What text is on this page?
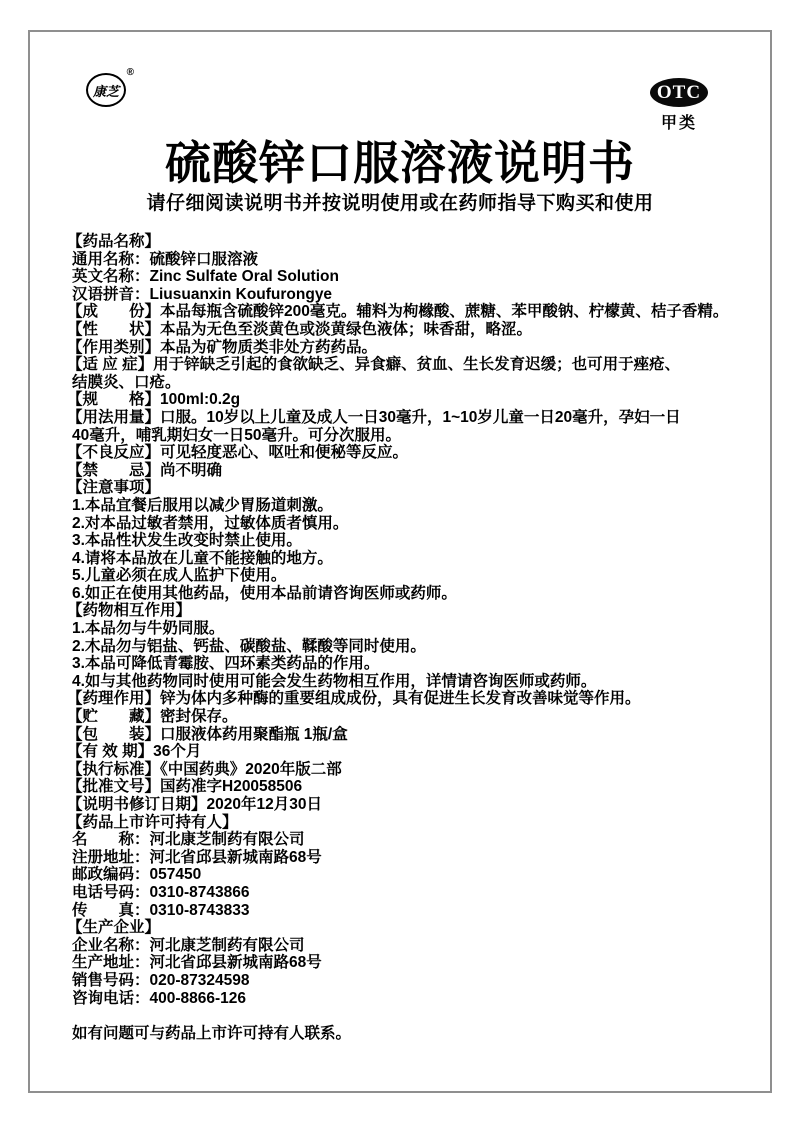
康芝
®
OTC
甲类
硫酸锌口服溶液说明书
请仔细阅读说明书并按说明使用或在药师指导下购买和使用
【药品名称】
通用名称：硫酸锌口服溶液
英文名称：Zinc Sulfate Oral Solution
汉语拼音：Liusuanxin Koufurongye
【成　　份】本品每瓶含硫酸锌200毫克。辅料为枸橼酸、蔗糖、苯甲酸钠、柠檬黄、桔子香精。
【性　　状】本品为无色至淡黄色或淡黄绿色液体；味香甜，略涩。
【作用类别】本品为矿物质类非处方药药品。
【适 应 症】用于锌缺乏引起的食欲缺乏、异食癖、贫血、生长发育迟缓；也可用于痤疮、
结膜炎、口疮。
【规　　格】100ml:0.2g
【用法用量】口服。10岁以上儿童及成人一日30毫升，1~10岁儿童一日20毫升，孕妇一日
40毫升，哺乳期妇女一日50毫升。可分次服用。
【不良反应】可见轻度恶心、呕吐和便秘等反应。
【禁　　忌】尚不明确
【注意事项】
1.本品宜餐后服用以减少胃肠道刺激。
2.对本品过敏者禁用，过敏体质者慎用。
3.本品性状发生改变时禁止使用。
4.请将本品放在儿童不能接触的地方。
5.儿童必须在成人监护下使用。
6.如正在使用其他药品，使用本品前请咨询医师或药师。
【药物相互作用】
1.本品勿与牛奶同服。
2.木品勿与铝盐、钙盐、碳酸盐、鞣酸等同时使用。
3.本品可降低青霉胺、四环素类药品的作用。
4.如与其他药物同时使用可能会发生药物相互作用，详情请咨询医师或药师。
【药理作用】锌为体内多种酶的重要组成成份，具有促进生长发育改善味觉等作用。
【贮　　藏】密封保存。
【包　　装】口服液体药用聚酯瓶 1瓶/盒
【有 效 期】36个月
【执行标准】《中国药典》2020年版二部
【批准文号】国药准字H20058506
【说明书修订日期】2020年12月30日
【药品上市许可持有人】
名　　称：河北康芝制药有限公司
注册地址：河北省邱县新城南路68号
邮政编码：057450
电话号码：0310-8743866
传　　真：0310-8743833
【生产企业】
企业名称：河北康芝制药有限公司
生产地址：河北省邱县新城南路68号
销售号码：020-87324598
咨询电话：400-8866-126
如有问题可与药品上市许可持有人联系。
